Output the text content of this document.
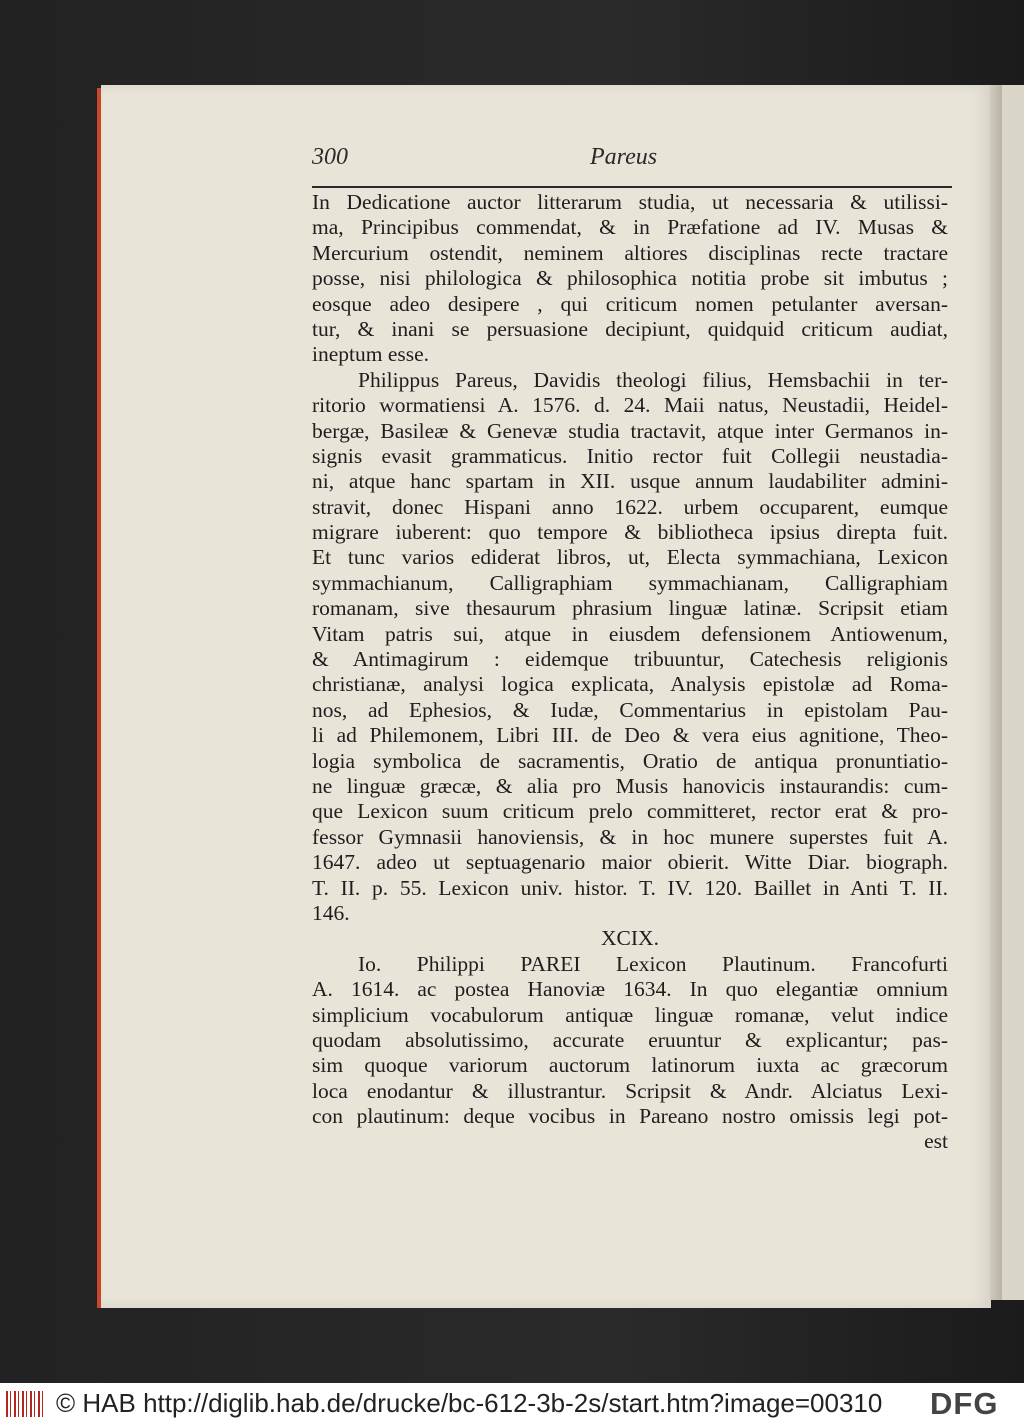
300	Pareus
In Dedicatione auctor litterarum studia, ut necessaria & utilissi-
ma, Principibus commendat, & in Præfatione ad IV. Musas &
Mercurium ostendit, neminem altiores disciplinas recte tractare
posse, nisi philologica & philosophica notitia probe sit imbutus ;
eosque adeo desipere , qui criticum nomen petulanter aversan-
tur, & inani se persuasione decipiunt, quidquid criticum audiat,
ineptum esse.
Philippus Pareus, Davidis theologi filius, Hemsbachii in ter-
ritorio wormatiensi A. 1576. d. 24. Maii natus, Neustadii, Heidel-
bergæ, Basileæ & Genevæ studia tractavit, atque inter Germanos in-
signis evasit grammaticus. Initio rector fuit Collegii neustadia-
ni, atque hanc spartam in XII. usque annum laudabiliter admini-
stravit, donec Hispani anno 1622. urbem occuparent, eumque
migrare iuberent: quo tempore & bibliotheca ipsius direpta fuit.
Et tunc varios ediderat libros, ut, Electa symmachiana, Lexicon
symmachianum, Calligraphiam symmachianam, Calligraphiam
romanam, sive thesaurum phrasium linguæ latinæ. Scripsit etiam
Vitam patris sui, atque in eiusdem defensionem Antiowenum,
& Antimagirum : eidemque tribuuntur, Catechesis religionis
christianæ, analysi logica explicata, Analysis epistolæ ad Roma-
nos, ad Ephesios, & Iudæ, Commentarius in epistolam Pau-
li ad Philemonem, Libri III. de Deo & vera eius agnitione, Theo-
logia symbolica de sacramentis, Oratio de antiqua pronuntiatio-
ne linguæ græcæ, & alia pro Musis hanovicis instaurandis: cum-
que Lexicon suum criticum prelo committeret, rector erat & pro-
fessor Gymnasii hanoviensis, & in hoc munere superstes fuit A.
1647. adeo ut septuagenario maior obierit. Witte Diar. biograph.
T. II. p. 55. Lexicon univ. histor. T. IV. 120. Baillet in Anti T. II.
146.
XCIX.
Io. Philippi PAREI Lexicon Plautinum. Francofurti
A. 1614. ac postea Hanoviæ 1634. In quo elegantiæ omnium
simplicium vocabulorum antiquæ linguæ romanæ, velut indice
quodam absolutissimo, accurate eruuntur & explicantur; pas-
sim quoque variorum auctorum latinorum iuxta ac græcorum
loca enodantur & illustrantur. Scripsit & Andr. Alciatus Lexi-
con plautinum: deque vocibus in Pareano nostro omissis legi pot-
est
© HAB http://diglib.hab.de/drucke/bc-612-3b-2s/start.htm?image=00310 DFG
